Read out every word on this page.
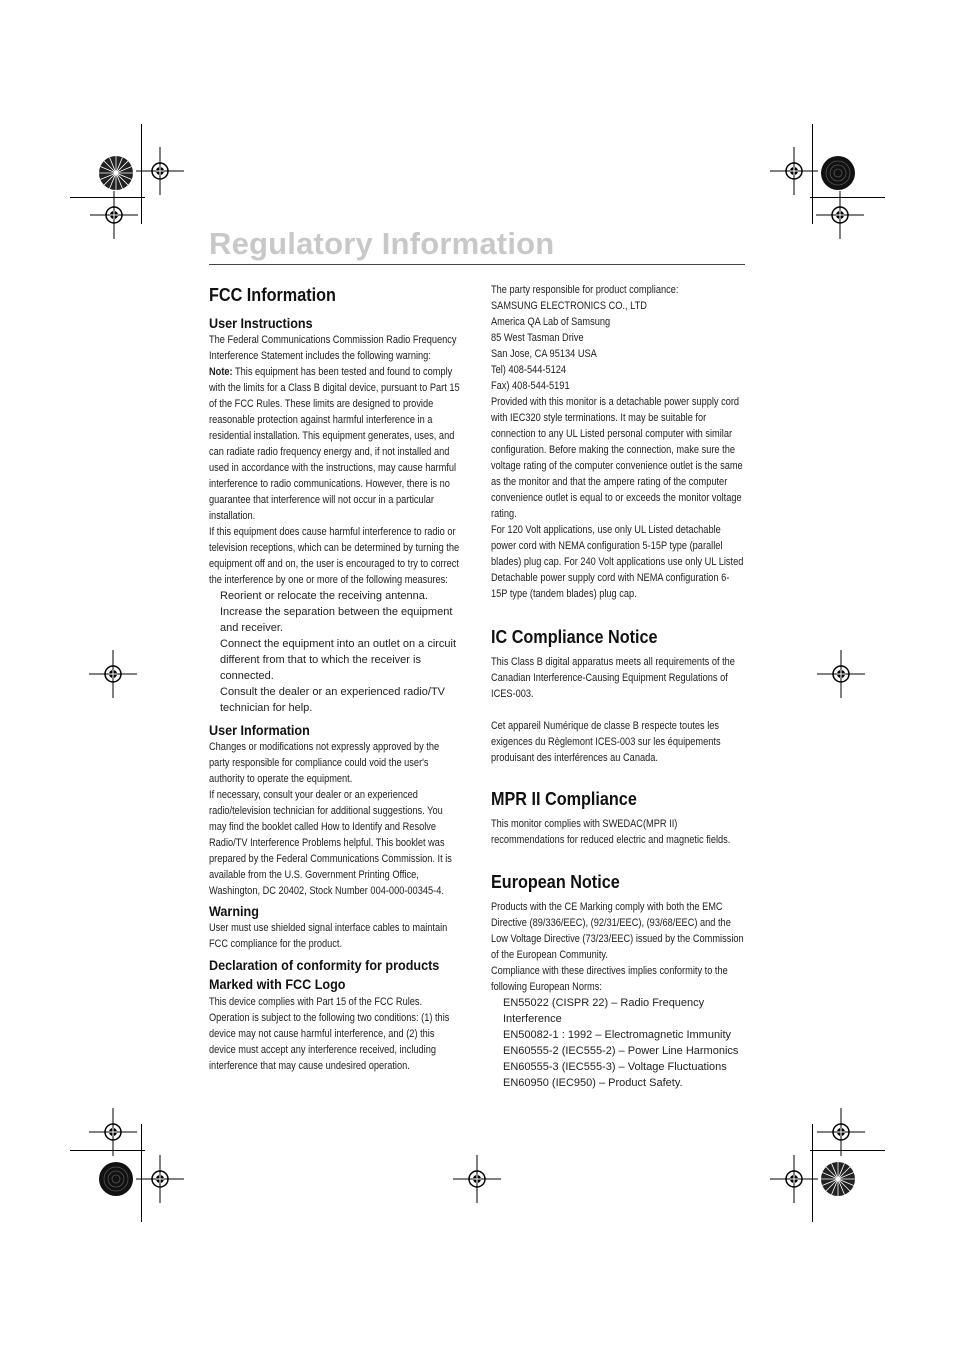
Regulatory Information
FCC Information
User Instructions

The Federal Communications Commission Radio Frequency Interference Statement includes the following warning:

Note: This equipment has been tested and found to comply with the limits for a Class B digital device, pursuant to Part 15 of the FCC Rules. These limits are designed to provide reasonable protection against harmful interference in a residential installation. This equipment generates, uses, and can radiate radio frequency energy and, if not installed and used in accordance with the instructions, may cause harmful interference to radio communications. However, there is no guarantee that interference will not occur in a particular installation.

If this equipment does cause harmful interference to radio or television receptions, which can be determined by turning the equipment off and on, the user is encouraged to try to correct the interference by one or more of the following measures:

Reorient or relocate the receiving antenna.
Increase the separation between the equipment and receiver.
Connect the equipment into an outlet on a circuit different from that to which the receiver is connected.
Consult the dealer or an experienced radio/TV technician for help.
User Information

Changes or modifications not expressly approved by the party responsible for compliance could void the user's authority to operate the equipment.

If necessary, consult your dealer or an experienced radio/television technician for additional suggestions. You may find the booklet called How to Identify and Resolve Radio/TV Interference Problems helpful. This booklet was prepared by the Federal Communications Commission. It is available from the U.S. Government Printing Office, Washington, DC 20402, Stock Number 004-000-00345-4.

Warning

User must use shielded signal interface cables to maintain FCC compliance for the product.

Declaration of conformity for products Marked with FCC Logo

This device complies with Part 15 of the FCC Rules. Operation is subject to the following two conditions: (1) this device may not cause harmful interference, and (2) this device must accept any interference received, including interference that may cause undesired operation.

The party responsible for product compliance:

SAMSUNG ELECTRONICS CO., LTD

America QA Lab of Samsung

85 West Tasman Drive

San Jose, CA 95134 USA

Tel) 408-544-5124

Fax) 408-544-5191

Provided with this monitor is a detachable power supply cord with IEC320 style terminations. It may be suitable for connection to any UL Listed personal computer with similar configuration. Before making the connection, make sure the voltage rating of the computer convenience outlet is the same as the monitor and that the ampere rating of the computer convenience outlet is equal to or exceeds the monitor voltage rating.

For 120 Volt applications, use only UL Listed detachable power cord with NEMA configuration 5-15P type (parallel blades) plug cap. For 240 Volt applications use only UL Listed Detachable power supply cord with NEMA configuration 6-15P type (tandem blades) plug cap.

IC Compliance Notice

This Class B digital apparatus meets all requirements of the Canadian Interference-Causing Equipment Regulations of ICES-003.

Cet appareil Numérique de classe B respecte toutes les exigences du Règlemont ICES-003 sur les équipements produisant des interférences au Canada.

MPR II Compliance

This monitor complies with SWEDAC(MPR II) recommendations for reduced electric and magnetic fields.

European Notice

Products with the CE Marking comply with both the EMC Directive (89/336/EEC), (92/31/EEC), (93/68/EEC) and the Low Voltage Directive (73/23/EEC) issued by the Commission of the European Community.

Compliance with these directives implies conformity to the following European Norms:

EN55022 (CISPR 22) – Radio Frequency Interference
EN50082-1 : 1992 – Electromagnetic Immunity
EN60555-2 (IEC555-2) – Power Line Harmonics
EN60555-3 (IEC555-3) – Voltage Fluctuations
EN60950 (IEC950) – Product Safety.
